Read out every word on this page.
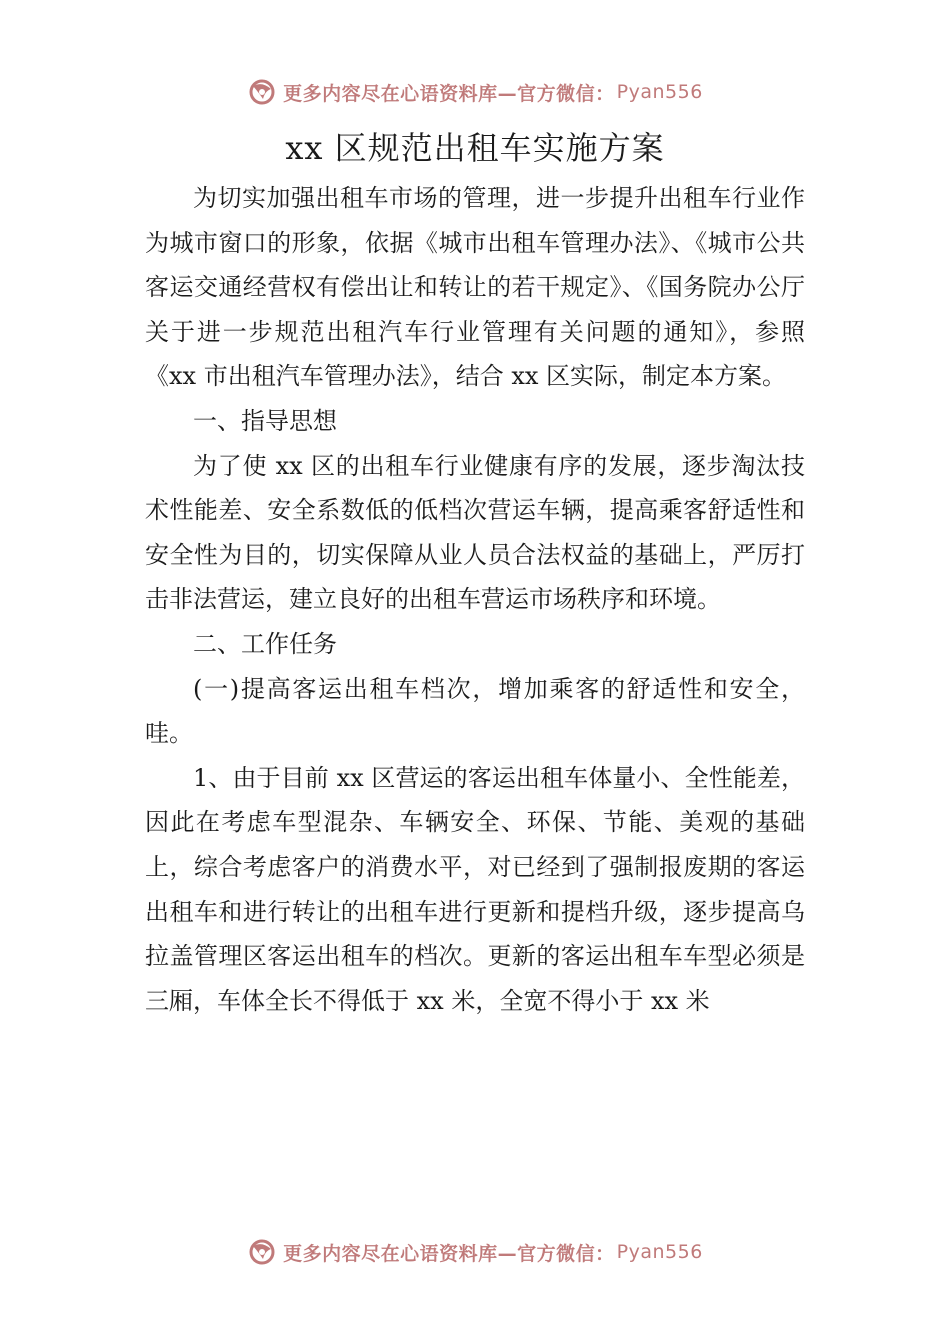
更多内容尽在心语资料库—官方微信： Pyan556
xx 区规范出租车实施方案

为切实加强出租车市场的管理，进一步提升出租车行业作为城市窗口的形象，依据《城市出租车管理办法》、《城市公共客运交通经营权有偿出让和转让的若干规定》、《国务院办公厅关于进一步规范出租汽车行业管理有关问题的通知》，参照《xx 市出租汽车管理办法》，结合 xx 区实际，制定本方案。

一、指导思想

为了使 xx 区的出租车行业健康有序的发展，逐步淘汰技术性能差、安全系数低的低档次营运车辆，提高乘客舒适性和安全性为目的，切实保障从业人员合法权益的基础上，严厉打击非法营运，建立良好的出租车营运市场秩序和环境。

二、工作任务

(一)提高客运出租车档次，增加乘客的舒适性和安全，哇。

1、由于目前 xx 区营运的客运出租车体量小、全性能差，因此在考虑车型混杂、车辆安全、环保、节能、美观的基础上，综合考虑客户的消费水平，对已经到了强制报废期的客运出租车和进行转让的出租车进行更新和提档升级，逐步提高乌拉盖管理区客运出租车的档次。更新的客运出租车车型必须是三厢，车体全长不得低于 xx 米，全宽不得小于 xx 米

更多内容尽在心语资料库—官方微信： Pyan556
